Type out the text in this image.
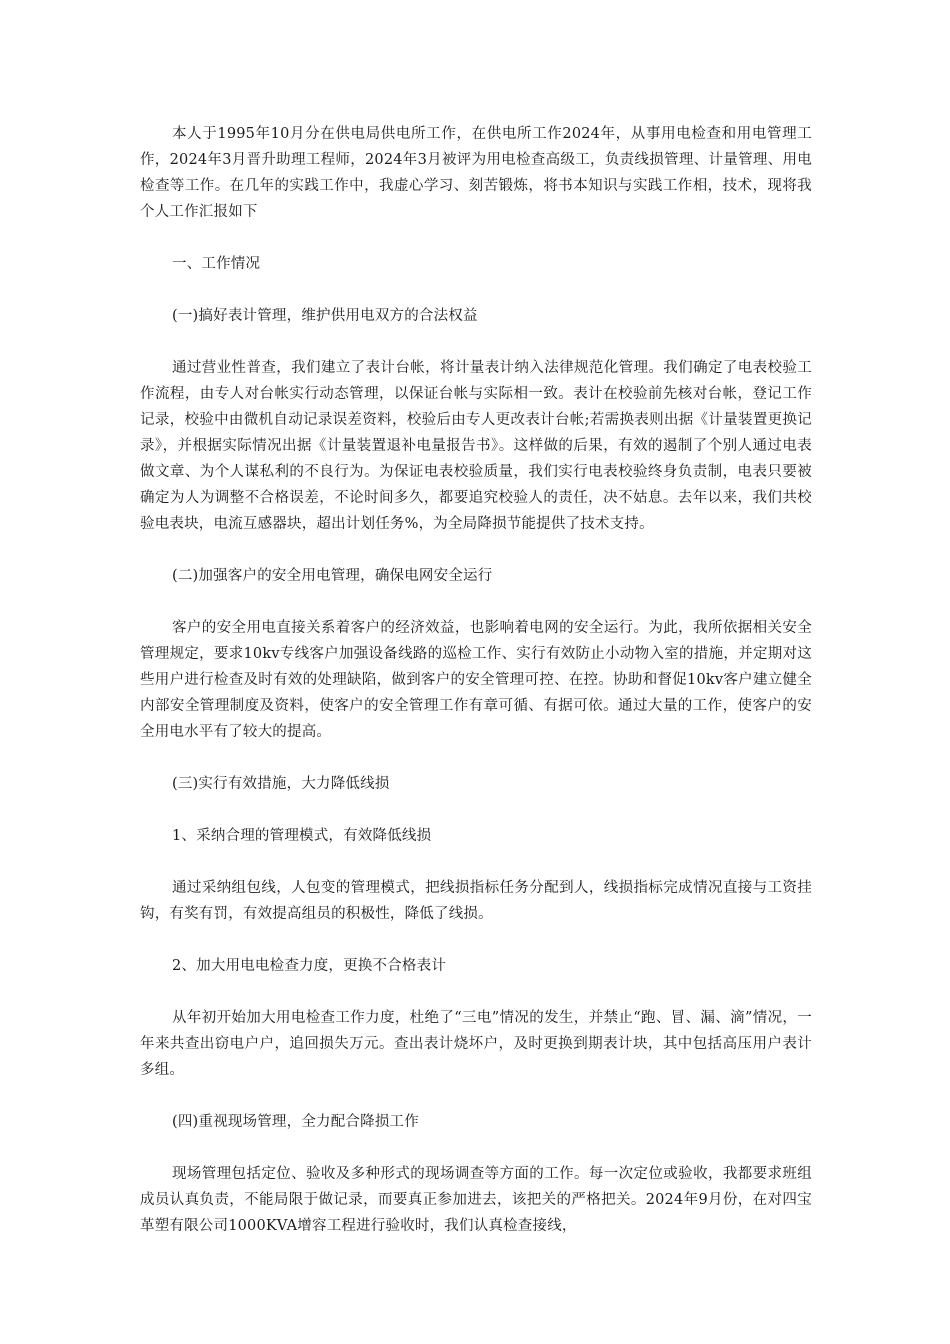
本人于1995年10月分在供电局供电所工作，在供电所工作2024年，从事用电检查和用电管理工作，2024年3月晋升助理工程师，2024年3月被评为用电检查高级工，负责线损管理、计量管理、用电检查等工作。在几年的实践工作中，我虚心学习、刻苦锻炼，将书本知识与实践工作相，技术，现将我个人工作汇报如下

一、工作情况

(一)搞好表计管理，维护供用电双方的合法权益

通过营业性普查，我们建立了表计台帐，将计量表计纳入法律规范化管理。我们确定了电表校验工作流程，由专人对台帐实行动态管理，以保证台帐与实际相一致。表计在校验前先核对台帐，登记工作记录，校验中由微机自动记录误差资料，校验后由专人更改表计台帐;若需换表则出据《计量装置更换记录》，并根据实际情况出据《计量装置退补电量报告书》。这样做的后果，有效的遏制了个别人通过电表做文章、为个人谋私利的不良行为。为保证电表校验质量，我们实行电表校验终身负责制，电表只要被确定为人为调整不合格误差，不论时间多久，都要追究校验人的责任，决不姑息。去年以来，我们共校验电表块，电流互感器块，超出计划任务%，为全局降损节能提供了技术支持。

(二)加强客户的安全用电管理，确保电网安全运行

客户的安全用电直接关系着客户的经济效益，也影响着电网的安全运行。为此，我所依据相关安全管理规定，要求10kv专线客户加强设备线路的巡检工作、实行有效防止小动物入室的措施，并定期对这些用户进行检查及时有效的处理缺陷，做到客户的安全管理可控、在控。协助和督促10kv客户建立健全内部安全管理制度及资料，使客户的安全管理工作有章可循、有据可依。通过大量的工作，使客户的安全用电水平有了较大的提高。

(三)实行有效措施，大力降低线损

1、采纳合理的管理模式，有效降低线损

通过采纳组包线，人包变的管理模式，把线损指标任务分配到人，线损指标完成情况直接与工资挂钩，有奖有罚，有效提高组员的积极性，降低了线损。

2、加大用电电检查力度，更换不合格表计

从年初开始加大用电检查工作力度，杜绝了“三电”情况的发生，并禁止“跑、冒、漏、滴”情况，一年来共查出窃电户户，追回损失万元。查出表计烧坏户，及时更换到期表计块，其中包括高压用户表计多组。

(四)重视现场管理，全力配合降损工作

现场管理包括定位、验收及多种形式的现场调查等方面的工作。每一次定位或验收，我都要求班组成员认真负责，不能局限于做记录，而要真正参加进去，该把关的严格把关。2024年9月份，在对四宝革塑有限公司1000KVA增容工程进行验收时，我们认真检查接线，
